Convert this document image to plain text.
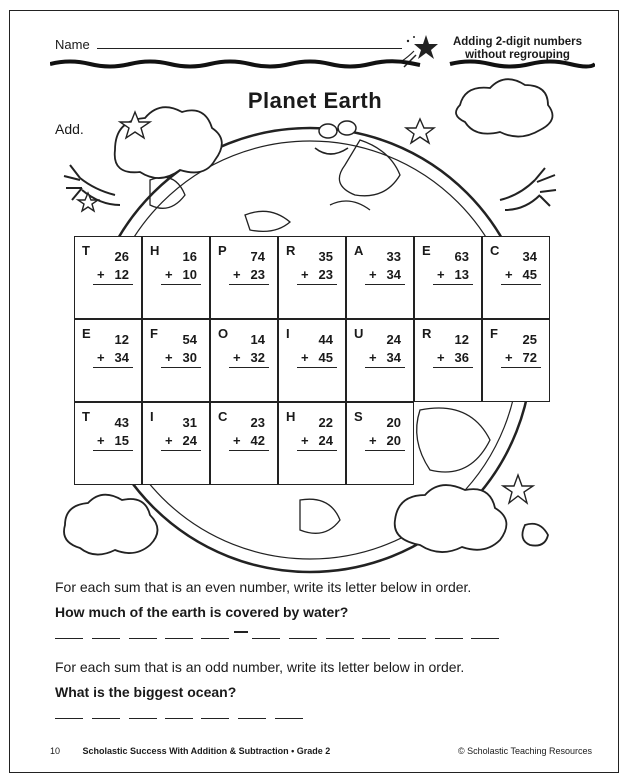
Name	Adding 2-digit numbers
without regrouping
Planet Earth
Add.
T 26
+ 12
H 16
+ 10
P 74
+ 23
R 35
+ 23
A 33
+ 34
E 63
+ 13
C 34
+ 45
E 12
+ 34
F 54
+ 30
O 14
+ 32
I 44
+ 45
U 24
+ 34
R 12
+ 36
F 25
+ 72
T 43
+ 15
I 31
+ 24
C 23
+ 42
H 22
+ 24
S 20
+ 20
For each sum that is an even number, write its letter below in order.
How much of the earth is covered by water?
For each sum that is an odd number, write its letter below in order.
What is the biggest ocean?
10	Scholastic Success With Addition & Subtraction • Grade 2	© Scholastic Teaching Resources
